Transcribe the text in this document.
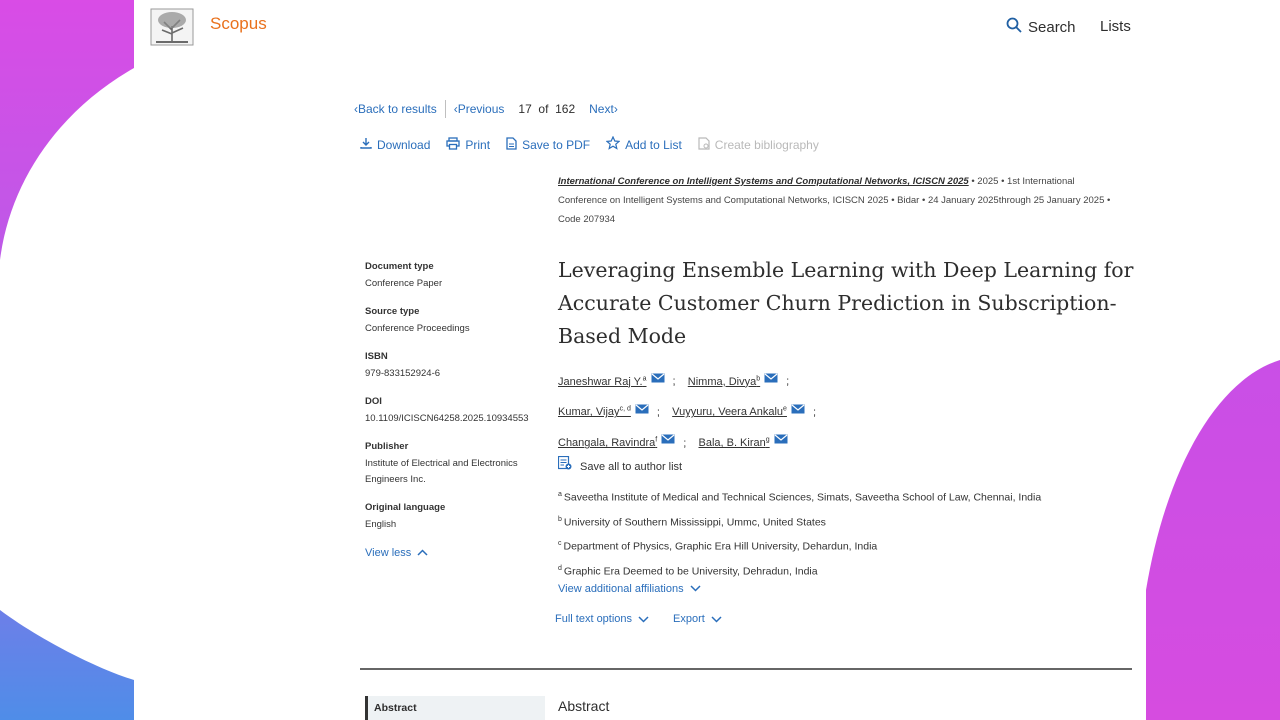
Scopus	Search Lists
‹Back to results ‹Previous 17 of 162 Next›
Download	Print	Save to PDF	Add to List	Create bibliography
International Conference on Intelligent Systems and Computational Networks, ICISCN 2025 • 2025 • 1st International Conference on Intelligent Systems and Computational Networks, ICISCN 2025 • Bidar • 24 January 2025through 25 January 2025 • Code 207934
Document type
Conference Paper
Source type
Conference Proceedings
ISBN
979-833152924-6
DOI
10.1109/ICISCN64258.2025.10934553
Publisher
Institute of Electrical and Electronics Engineers Inc.
Original language
English
View less
Leveraging Ensemble Learning with Deep Learning for Accurate Customer Churn Prediction in Subscription-Based Mode
Janeshwar Raj Y.$^a$ ; Nimma, Divya$^b$ ;
Kumar, Vijay$^{c, d}$ ; Vuyyuru, Veera Ankalu$^e$ ;
Changala, Ravindra$^f$ ; Bala, B. Kiran$^g$
Save all to author list
$^a$ Saveetha Institute of Medical and Technical Sciences, Simats, Saveetha School of Law, Chennai, India
$^b$ University of Southern Mississippi, Ummc, United States
$^c$ Department of Physics, Graphic Era Hill University, Dehardun, India
$^d$ Graphic Era Deemed to be University, Dehradun, India
View additional affiliations
Full text options	Export
Abstract	Abstract
